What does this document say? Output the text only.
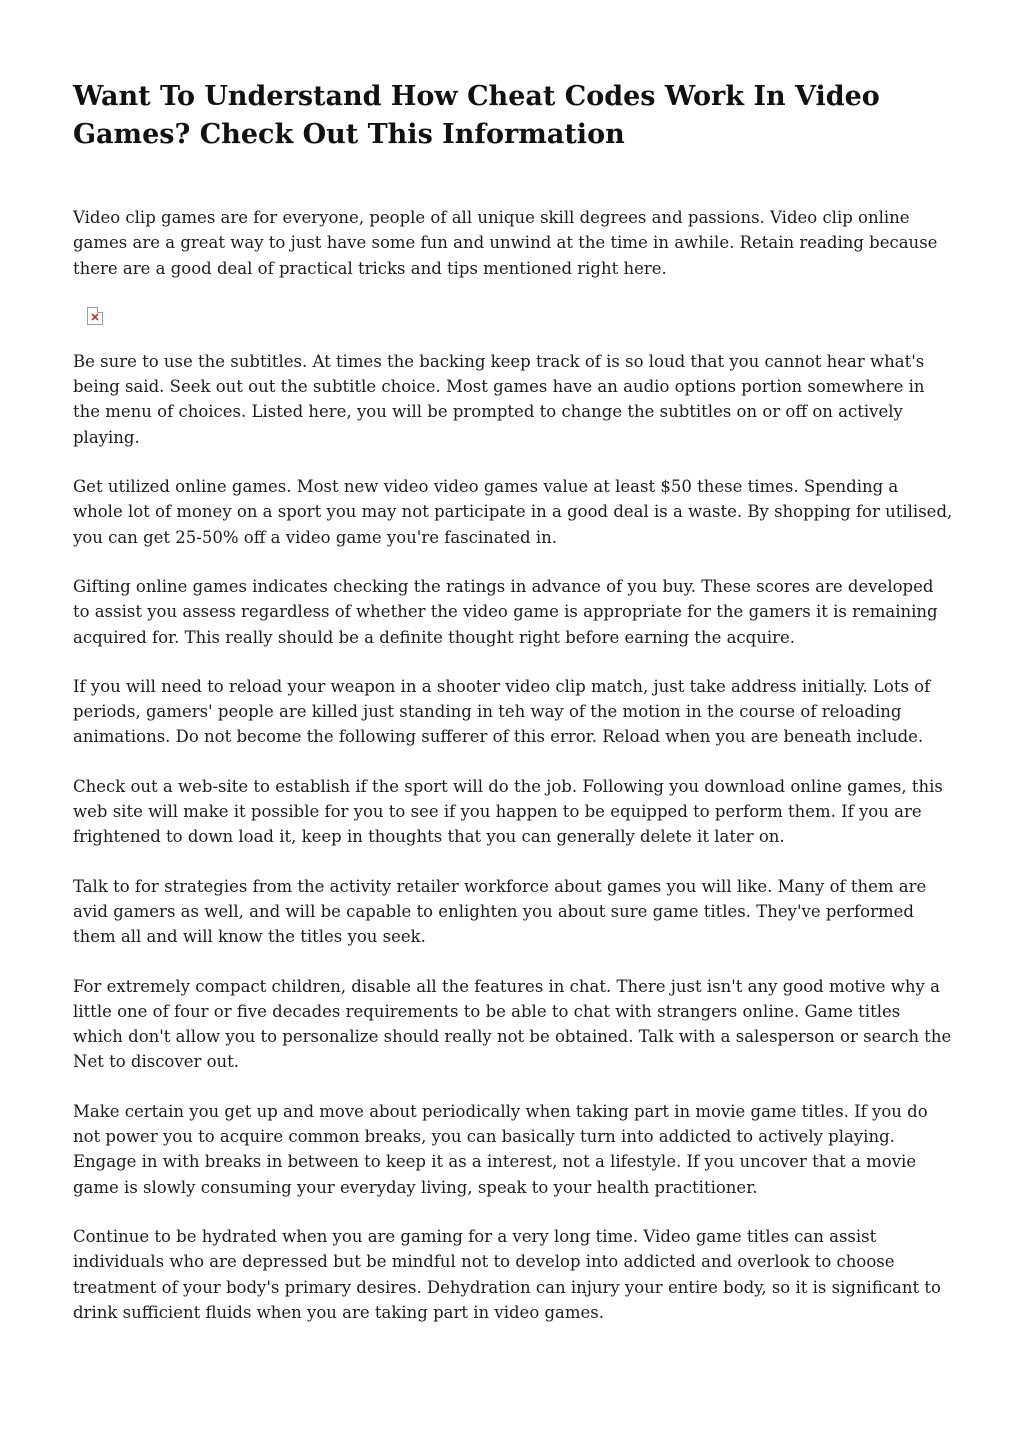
Want To Understand How Cheat Codes Work In Video Games? Check Out This Information

Video clip games are for everyone, people of all unique skill degrees and passions. Video clip online games are a great way to just have some fun and unwind at the time in awhile. Retain reading because there are a good deal of practical tricks and tips mentioned right here.

Be sure to use the subtitles. At times the backing keep track of is so loud that you cannot hear what's being said. Seek out out the subtitle choice. Most games have an audio options portion somewhere in the menu of choices. Listed here, you will be prompted to change the subtitles on or off on actively playing.

Get utilized online games. Most new video video games value at least $50 these times. Spending a whole lot of money on a sport you may not participate in a good deal is a waste. By shopping for utilised, you can get 25-50% off a video game you're fascinated in.

Gifting online games indicates checking the ratings in advance of you buy. These scores are developed to assist you assess regardless of whether the video game is appropriate for the gamers it is remaining acquired for. This really should be a definite thought right before earning the acquire.

If you will need to reload your weapon in a shooter video clip match, just take address initially. Lots of periods, gamers' people are killed just standing in teh way of the motion in the course of reloading animations. Do not become the following sufferer of this error. Reload when you are beneath include.

Check out a web-site to establish if the sport will do the job. Following you download online games, this web site will make it possible for you to see if you happen to be equipped to perform them. If you are frightened to down load it, keep in thoughts that you can generally delete it later on.

Talk to for strategies from the activity retailer workforce about games you will like. Many of them are avid gamers as well, and will be capable to enlighten you about sure game titles. They've performed them all and will know the titles you seek.

For extremely compact children, disable all the features in chat. There just isn't any good motive why a little one of four or five decades requirements to be able to chat with strangers online. Game titles which don't allow you to personalize should really not be obtained. Talk with a salesperson or search the Net to discover out.

Make certain you get up and move about periodically when taking part in movie game titles. If you do not power you to acquire common breaks, you can basically turn into addicted to actively playing. Engage in with breaks in between to keep it as a interest, not a lifestyle. If you uncover that a movie game is slowly consuming your everyday living, speak to your health practitioner.

Continue to be hydrated when you are gaming for a very long time. Video game titles can assist individuals who are depressed but be mindful not to develop into addicted and overlook to choose treatment of your body's primary desires. Dehydration can injury your entire body, so it is significant to drink sufficient fluids when you are taking part in video games.
